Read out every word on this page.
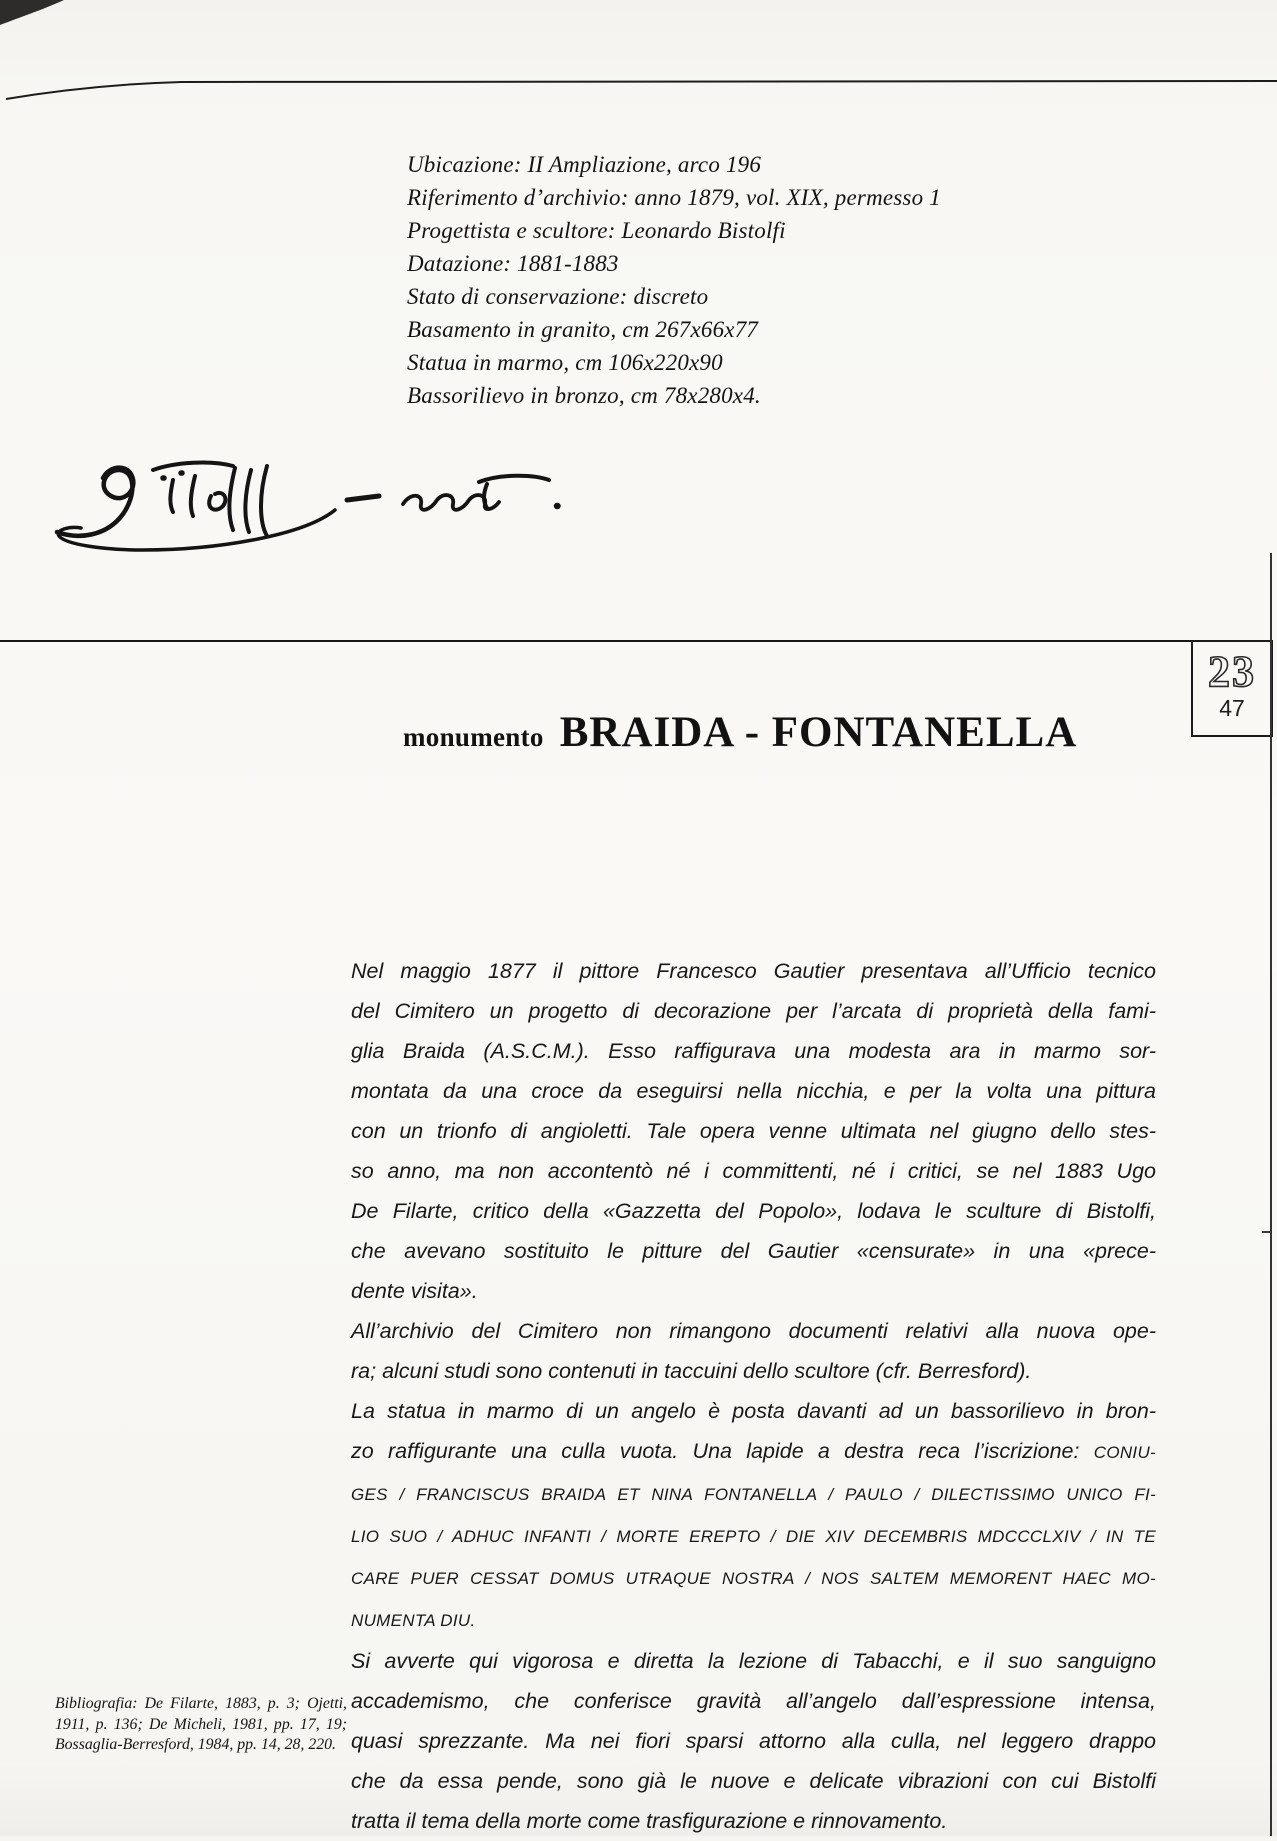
Ubicazione: II Ampliazione, arco 196
Riferimento d’archivio: anno 1879, vol. XIX, permesso 1
Progettista e scultore: Leonardo Bistolfi
Datazione: 1881-1883
Stato di conservazione: discreto
Basamento in granito, cm 267x66x77
Statua in marmo, cm 106x220x90
Bassorilievo in bronzo, cm 78x280x4.
23
47
monumento BRAIDA - FONTANELLA
Nel maggio 1877 il pittore Francesco Gautier presentava all’Ufficio tecnico
del Cimitero un progetto di decorazione per l’arcata di proprietà della fami-
glia Braida (A.S.C.M.). Esso raffigurava una modesta ara in marmo sor-
montata da una croce da eseguirsi nella nicchia, e per la volta una pittura
con un trionfo di angioletti. Tale opera venne ultimata nel giugno dello stes-
so anno, ma non accontentò né i committenti, né i critici, se nel 1883 Ugo
De Filarte, critico della «Gazzetta del Popolo», lodava le sculture di Bistolfi,
che avevano sostituito le pitture del Gautier «censurate» in una «prece-
dente visita».
All’archivio del Cimitero non rimangono documenti relativi alla nuova ope-
ra; alcuni studi sono contenuti in taccuini dello scultore (cfr. Berresford).
La statua in marmo di un angelo è posta davanti ad un bassorilievo in bron-
zo raffigurante una culla vuota. Una lapide a destra reca l’iscrizione: CONIU-
GES / FRANCISCUS BRAIDA ET NINA FONTANELLA / PAULO / DILECTISSIMO UNICO FI-
LIO SUO / ADHUC INFANTI / MORTE EREPTO / DIE XIV DECEMBRIS MDCCCLXIV / IN TE
CARE PUER CESSAT DOMUS UTRAQUE NOSTRA / NOS SALTEM MEMORENT HAEC MO-
NUMENTA DIU.
Si avverte qui vigorosa e diretta la lezione di Tabacchi, e il suo sanguigno
accademismo, che conferisce gravità all’angelo dall’espressione intensa,
quasi sprezzante. Ma nei fiori sparsi attorno alla culla, nel leggero drappo
che da essa pende, sono già le nuove e delicate vibrazioni con cui Bistolfi
tratta il tema della morte come trasfigurazione e rinnovamento.
Bibliografia: De Filarte, 1883, p. 3; Ojetti,
1911, p. 136; De Micheli, 1981, pp. 17, 19;
Bossaglia-Berresford, 1984, pp. 14, 28, 220.
